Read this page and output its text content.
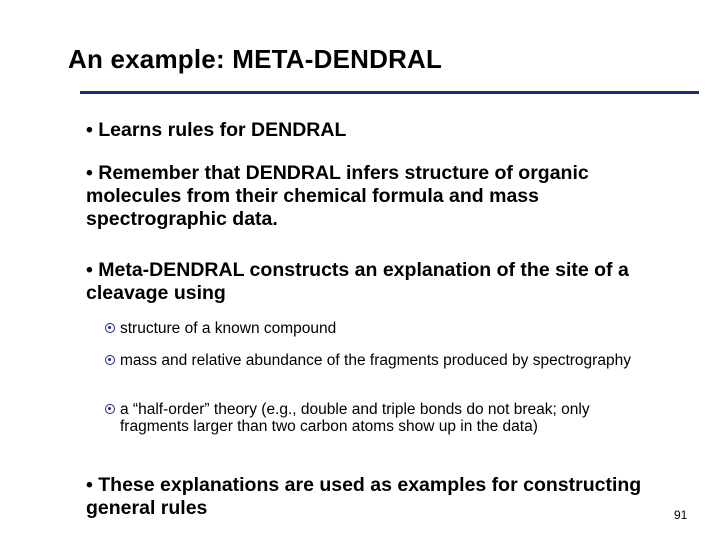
An example: META-DENDRAL

• Learns rules for DENDRAL

• Remember that DENDRAL infers structure of organic molecules from their chemical formula and mass spectrographic data.

• Meta-DENDRAL constructs an explanation of the site of a cleavage using

structure of a known compound
mass and relative abundance of the fragments produced by spectrography
a “half-order” theory (e.g., double and triple bonds do not break; only fragments larger than two carbon atoms show up in the data)

• These explanations are used as examples for constructing general rules	91
